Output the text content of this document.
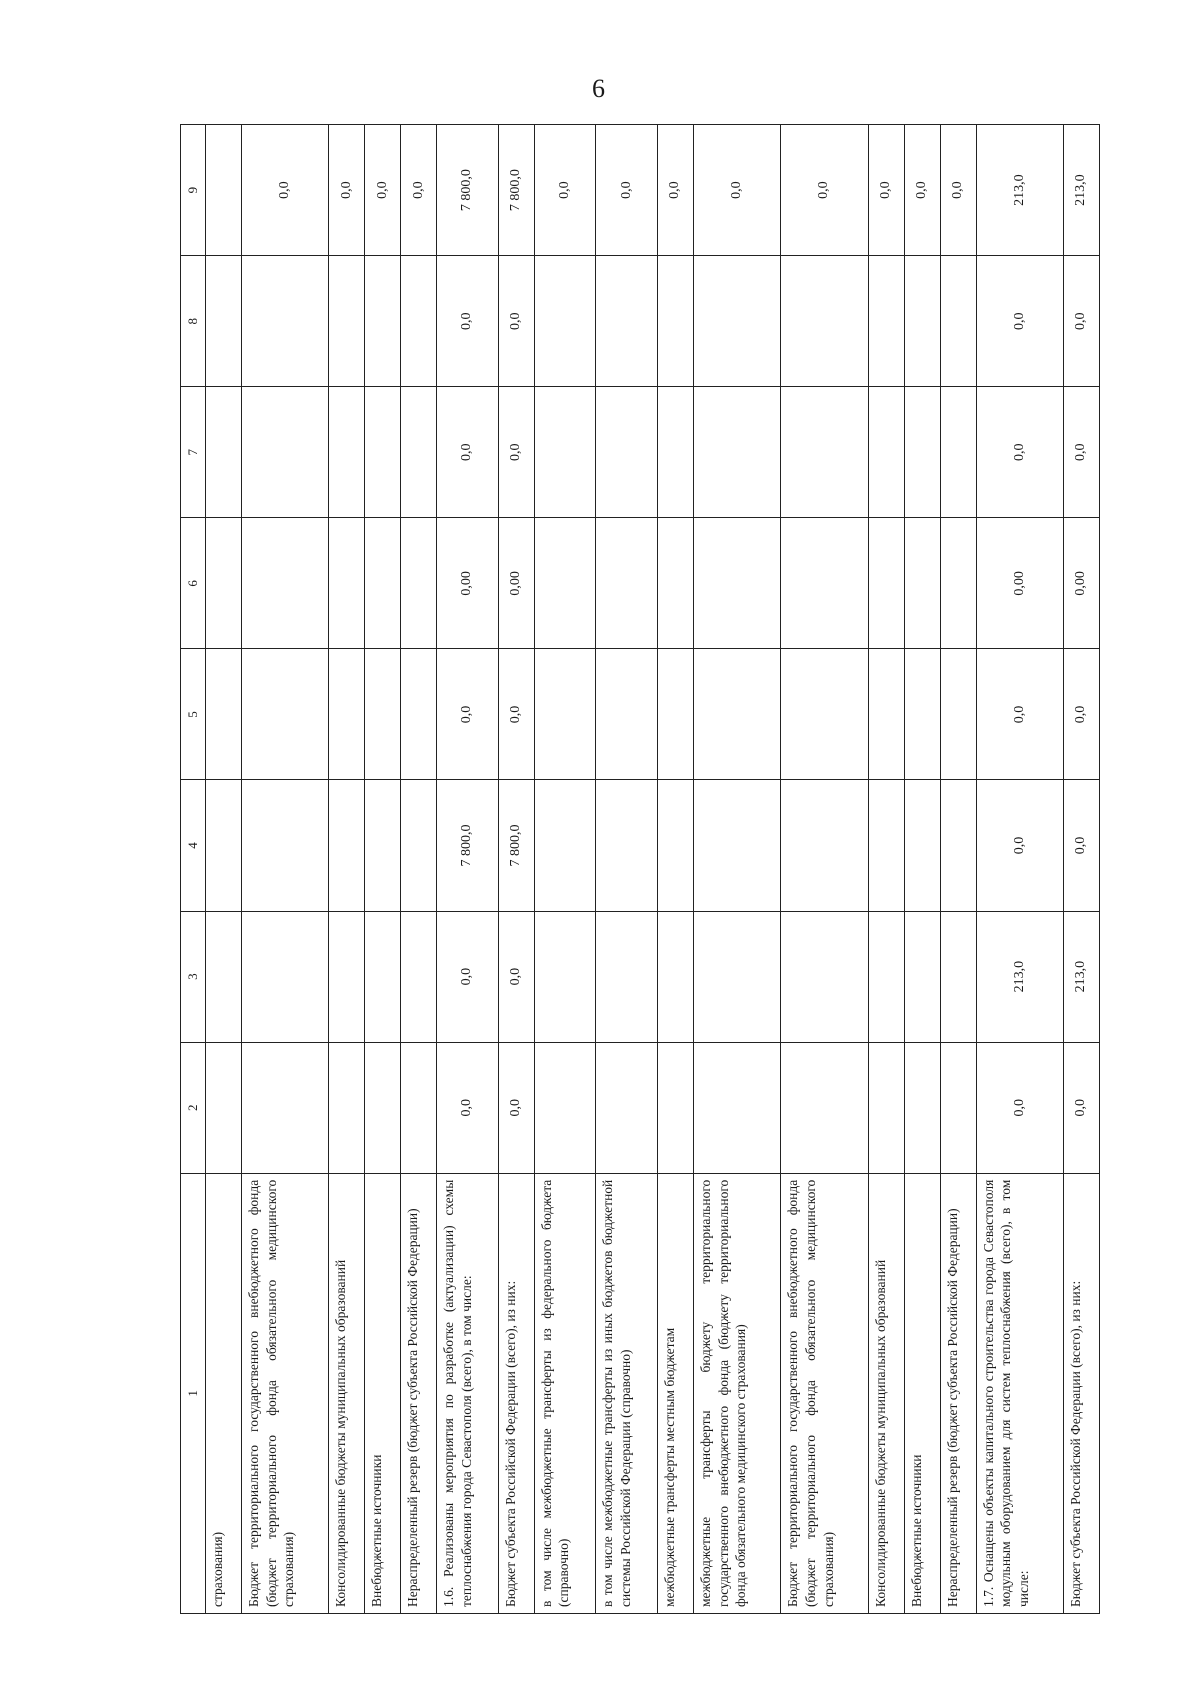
6
1	2	3	4	5	6	7	8	9
страхования)								
Бюджет территориального государственного внебюджетного фонда (бюджет территориального фонда обязательного медицинского страхования)								0,0
Консолидированные бюджеты муниципальных образований								0,0
Внебюджетные источники								0,0
Нераспределенный резерв (бюджет субъекта Российской Федерации)								0,0
1.6. Реализованы мероприятия по разработке (актуализации) схемы теплоснабжения города Севастополя (всего), в том числе:	0,0	0,0	7 800,0	0,0	0,00	0,0	0,0	7 800,0
Бюджет субъекта Российской Федерации (всего), из них:	0,0	0,0	7 800,0	0,0	0,00	0,0	0,0	7 800,0
в том числе межбюджетные трансферты из федерального бюджета (справочно)								0,0
в том числе межбюджетные трансферты из иных бюджетов бюджетной системы Российской Федерации (справочно)								0,0
межбюджетные трансферты местным бюджетам								0,0
межбюджетные трансферты бюджету территориального государственного внебюджетного фонда (бюджету территориального фонда обязательного медицинского страхования)								0,0
Бюджет территориального государственного внебюджетного фонда (бюджет территориального фонда обязательного медицинского страхования)								0,0
Консолидированные бюджеты муниципальных образований								0,0
Внебюджетные источники								0,0
Нераспределенный резерв (бюджет субъекта Российской Федерации)								0,0
1.7. Оснащены объекты капитального строительства города Севастополя модульным оборудованием для систем теплоснабжения (всего), в том числе:	0,0	213,0	0,0	0,0	0,00	0,0	0,0	213,0
Бюджет субъекта Российской Федерации (всего), из них:	0,0	213,0	0,0	0,0	0,00	0,0	0,0	213,0
